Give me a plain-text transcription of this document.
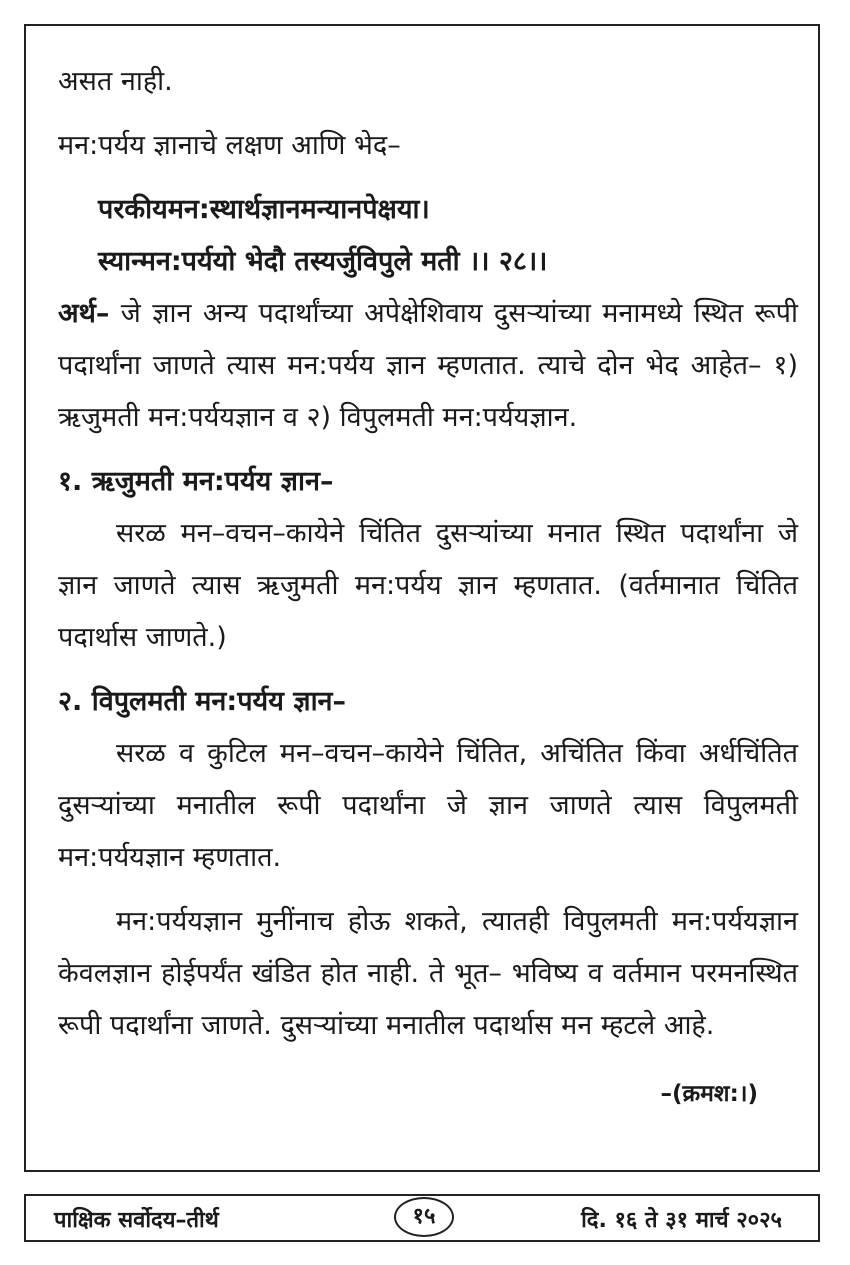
असत नाही.

मन:पर्यय ज्ञानाचे लक्षण आणि भेद–

परकीयमन:स्थार्थज्ञानमन्यानपेक्षया।
स्यान्मन:पर्ययो भेदौ तस्यर्जुविपुले मती ।। २८।।

अर्थ– जे ज्ञान अन्य पदार्थांच्या अपेक्षेशिवाय दुसऱ्यांच्या मनामध्ये स्थित रूपी पदार्थांना जाणते त्यास मन:पर्यय ज्ञान म्हणतात. त्याचे दोन भेद आहेत– १) ऋजुमती मन:पर्ययज्ञान व २) विपुलमती मन:पर्ययज्ञान.

१. ऋजुमती मन:पर्यय ज्ञान–

सरळ मन–वचन–कायेने चिंतित दुसऱ्यांच्या मनात स्थित पदार्थांना जे ज्ञान जाणते त्यास ऋजुमती मन:पर्यय ज्ञान म्हणतात. (वर्तमानात चिंतित पदार्थास जाणते.)

२. विपुलमती मन:पर्यय ज्ञान–

सरळ व कुटिल मन–वचन–कायेने चिंतित, अचिंतित किंवा अर्धचिंतित दुसऱ्यांच्या मनातील रूपी पदार्थांना जे ज्ञान जाणते त्यास विपुलमती मन:पर्ययज्ञान म्हणतात.

मन:पर्ययज्ञान मुनींनाच होऊ शकते, त्यातही विपुलमती मन:पर्ययज्ञान केवलज्ञान होईपर्यंत खंडित होत नाही. ते भूत– भविष्य व वर्तमान परमनस्थित रूपी पदार्थांना जाणते. दुसऱ्यांच्या मनातील पदार्थास मन म्हटले आहे.

–(क्रमश:।)
पाक्षिक सर्वोदय–तीर्थ	१५	दि. १६ ते ३१ मार्च २०२५
